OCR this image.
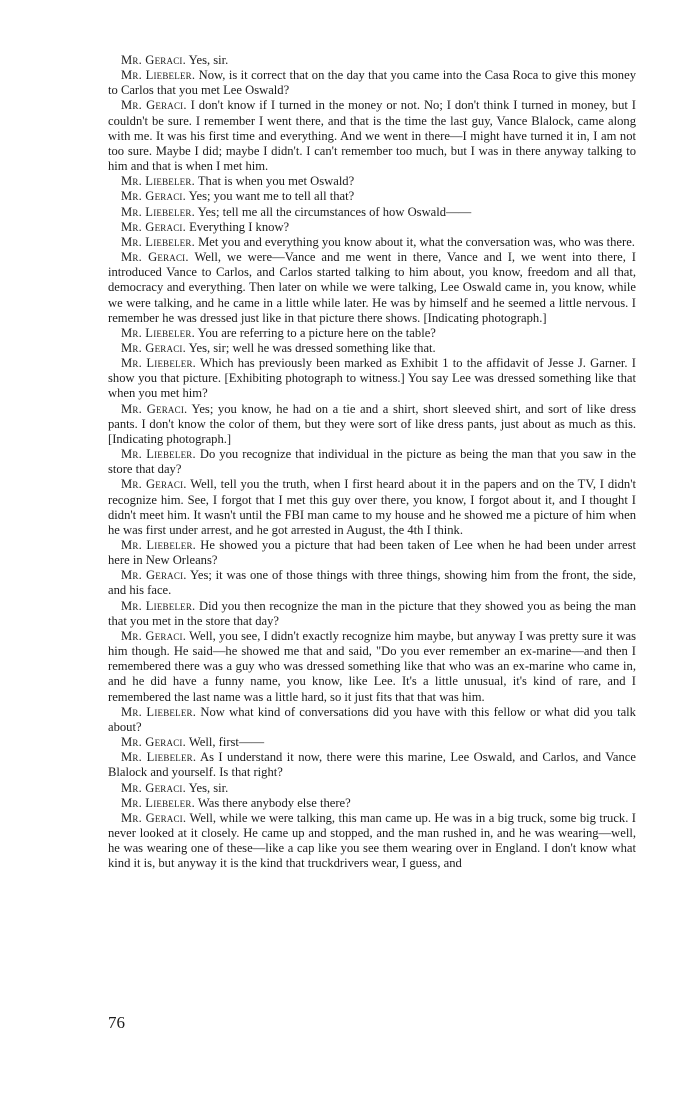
Mr. Geraci. Yes, sir.

Mr. Liebeler. Now, is it correct that on the day that you came into the Casa Roca to give this money to Carlos that you met Lee Oswald?

Mr. Geraci. I don't know if I turned in the money or not. No; I don't think I turned in money, but I couldn't be sure. I remember I went there, and that is the time the last guy, Vance Blalock, came along with me. It was his first time and everything. And we went in there—I might have turned it in, I am not too sure. Maybe I did; maybe I didn't. I can't remember too much, but I was in there anyway talking to him and that is when I met him.

Mr. Liebeler. That is when you met Oswald?

Mr. Geraci. Yes; you want me to tell all that?

Mr. Liebeler. Yes; tell me all the circumstances of how Oswald——

Mr. Geraci. Everything I know?

Mr. Liebeler. Met you and everything you know about it, what the conversation was, who was there.

Mr. Geraci. Well, we were—Vance and me went in there, Vance and I, we went into there, I introduced Vance to Carlos, and Carlos started talking to him about, you know, freedom and all that, democracy and everything. Then later on while we were talking, Lee Oswald came in, you know, while we were talking, and he came in a little while later. He was by himself and he seemed a little nervous. I remember he was dressed just like in that picture there shows. [Indicating photograph.]

Mr. Liebeler. You are referring to a picture here on the table?

Mr. Geraci. Yes, sir; well he was dressed something like that.

Mr. Liebeler. Which has previously been marked as Exhibit 1 to the affidavit of Jesse J. Garner. I show you that picture. [Exhibiting photograph to witness.] You say Lee was dressed something like that when you met him?

Mr. Geraci. Yes; you know, he had on a tie and a shirt, short sleeved shirt, and sort of like dress pants. I don't know the color of them, but they were sort of like dress pants, just about as much as this. [Indicating photograph.]

Mr. Liebeler. Do you recognize that individual in the picture as being the man that you saw in the store that day?

Mr. Geraci. Well, tell you the truth, when I first heard about it in the papers and on the TV, I didn't recognize him. See, I forgot that I met this guy over there, you know, I forgot about it, and I thought I didn't meet him. It wasn't until the FBI man came to my house and he showed me a picture of him when he was first under arrest, and he got arrested in August, the 4th I think.

Mr. Liebeler. He showed you a picture that had been taken of Lee when he had been under arrest here in New Orleans?

Mr. Geraci. Yes; it was one of those things with three things, showing him from the front, the side, and his face.

Mr. Liebeler. Did you then recognize the man in the picture that they showed you as being the man that you met in the store that day?

Mr. Geraci. Well, you see, I didn't exactly recognize him maybe, but anyway I was pretty sure it was him though. He said—he showed me that and said, "Do you ever remember an ex-marine—and then I remembered there was a guy who was dressed something like that who was an ex-marine who came in, and he did have a funny name, you know, like Lee. It's a little unusual, it's kind of rare, and I remembered the last name was a little hard, so it just fits that that was him.

Mr. Liebeler. Now what kind of conversations did you have with this fellow or what did you talk about?

Mr. Geraci. Well, first——

Mr. Liebeler. As I understand it now, there were this marine, Lee Oswald, and Carlos, and Vance Blalock and yourself. Is that right?

Mr. Geraci. Yes, sir.

Mr. Liebeler. Was there anybody else there?

Mr. Geraci. Well, while we were talking, this man came up. He was in a big truck, some big truck. I never looked at it closely. He came up and stopped, and the man rushed in, and he was wearing—well, he was wearing one of these—like a cap like you see them wearing over in England. I don't know what kind it is, but anyway it is the kind that truckdrivers wear, I guess, and

76
